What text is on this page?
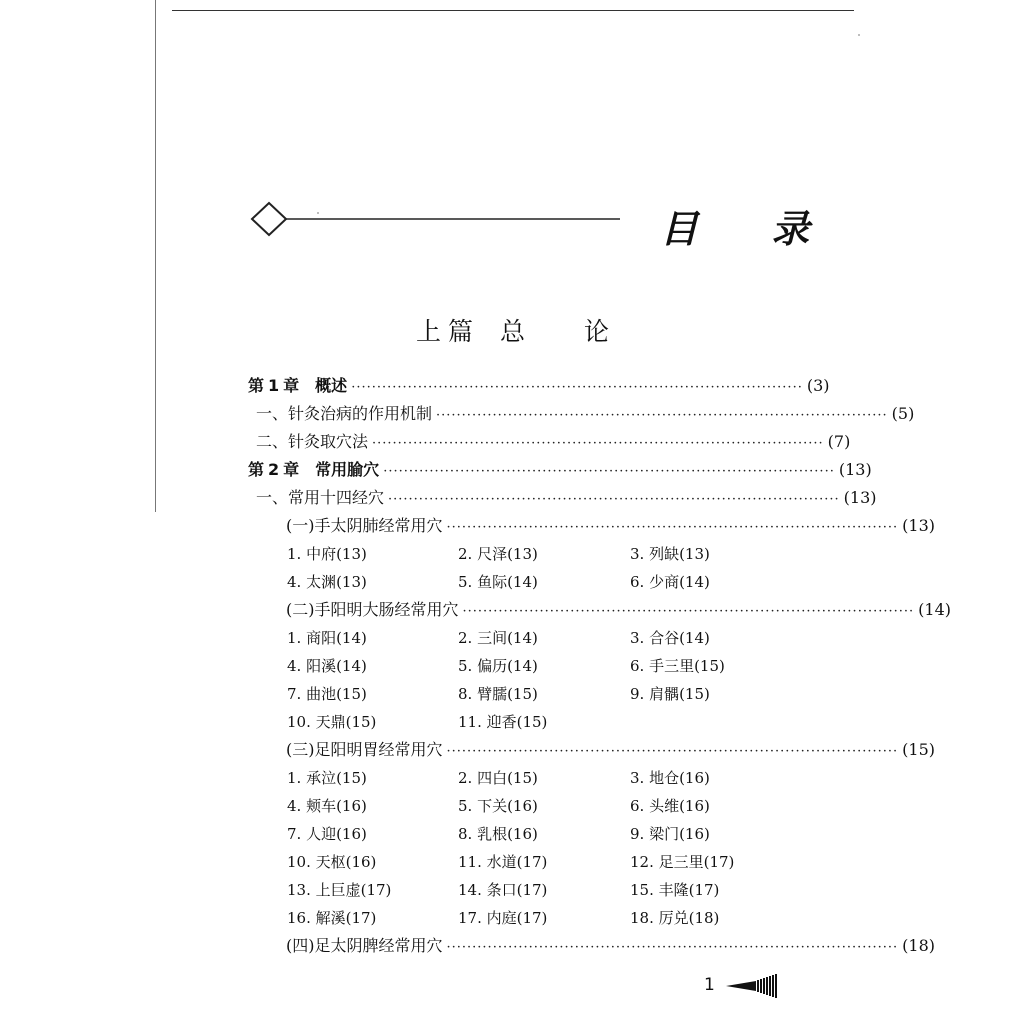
目 录
上 篇 总 论
第 1 章 概述 ························································································ (3)
一、针灸治病的作用机制 ························································································ (5)
二、针灸取穴法 ························································································ (7)
第 2 章 常用腧穴 ························································································ (13)
一、常用十四经穴 ························································································ (13)
(一)手太阴肺经常用穴 ························································································ (13)
1. 中府(13)	2. 尺泽(13)	3. 列缺(13)
4. 太渊(13)	5. 鱼际(14)	6. 少商(14)
(二)手阳明大肠经常用穴 ························································································ (14)
1. 商阳(14)	2. 三间(14)	3. 合谷(14)
4. 阳溪(14)	5. 偏历(14)	6. 手三里(15)
7. 曲池(15)	8. 臂臑(15)	9. 肩髃(15)
10. 天鼎(15)	11. 迎香(15)
(三)足阳明胃经常用穴 ························································································ (15)
1. 承泣(15)	2. 四白(15)	3. 地仓(16)
4. 颊车(16)	5. 下关(16)	6. 头维(16)
7. 人迎(16)	8. 乳根(16)	9. 梁门(16)
10. 天枢(16)	11. 水道(17)	12. 足三里(17)
13. 上巨虚(17)	14. 条口(17)	15. 丰隆(17)
16. 解溪(17)	17. 内庭(17)	18. 厉兑(18)
(四)足太阴脾经常用穴 ························································································ (18)
1
